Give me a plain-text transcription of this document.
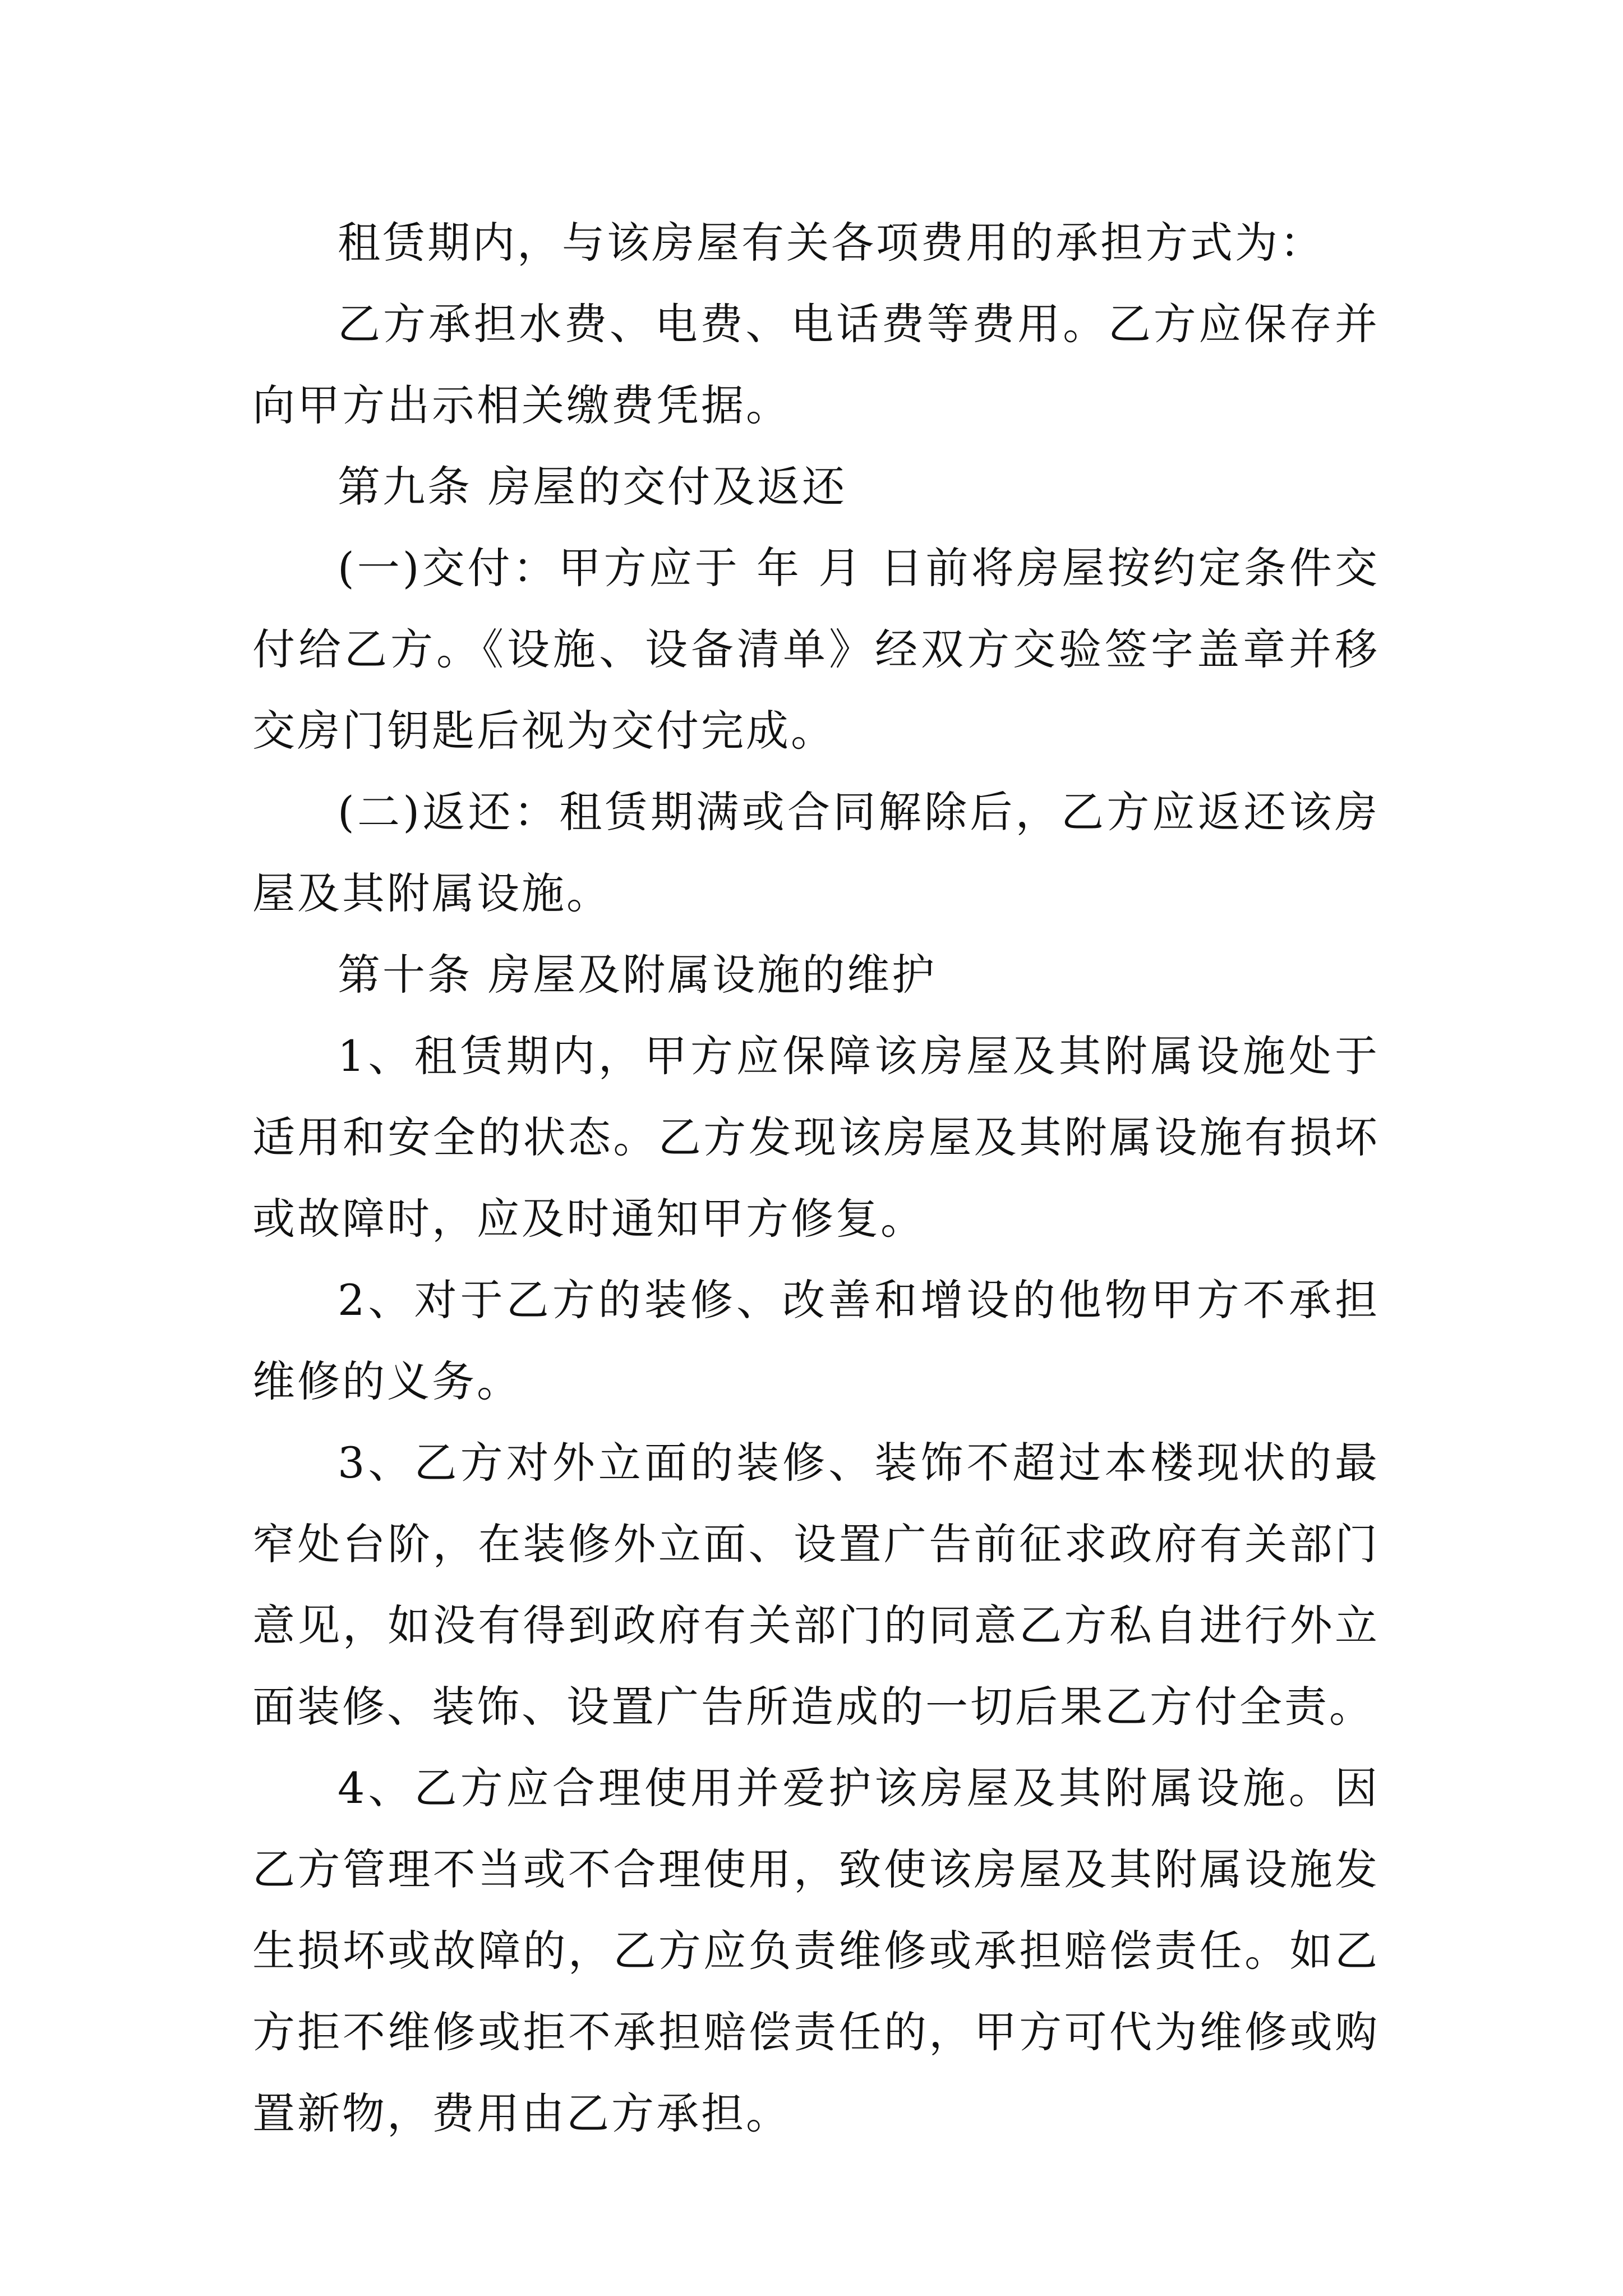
租赁期内，与该房屋有关各项费用的承担方式为：

乙方承担水费、电费、电话费等费用。乙方应保存并向甲方出示相关缴费凭据。

第九条 房屋的交付及返还

(一)交付：甲方应于 年 月 日前将房屋按约定条件交付给乙方。《设施、设备清单》经双方交验签字盖章并移交房门钥匙后视为交付完成。

(二)返还：租赁期满或合同解除后，乙方应返还该房屋及其附属设施。

第十条 房屋及附属设施的维护

1、租赁期内，甲方应保障该房屋及其附属设施处于适用和安全的状态。乙方发现该房屋及其附属设施有损坏或故障时，应及时通知甲方修复。

2、对于乙方的装修、改善和增设的他物甲方不承担维修的义务。

3、乙方对外立面的装修、装饰不超过本楼现状的最窄处台阶，在装修外立面、设置广告前征求政府有关部门意见，如没有得到政府有关部门的同意乙方私自进行外立面装修、装饰、设置广告所造成的一切后果乙方付全责。

4、乙方应合理使用并爱护该房屋及其附属设施。因乙方管理不当或不合理使用，致使该房屋及其附属设施发生损坏或故障的，乙方应负责维修或承担赔偿责任。如乙方拒不维修或拒不承担赔偿责任的，甲方可代为维修或购置新物，费用由乙方承担。
